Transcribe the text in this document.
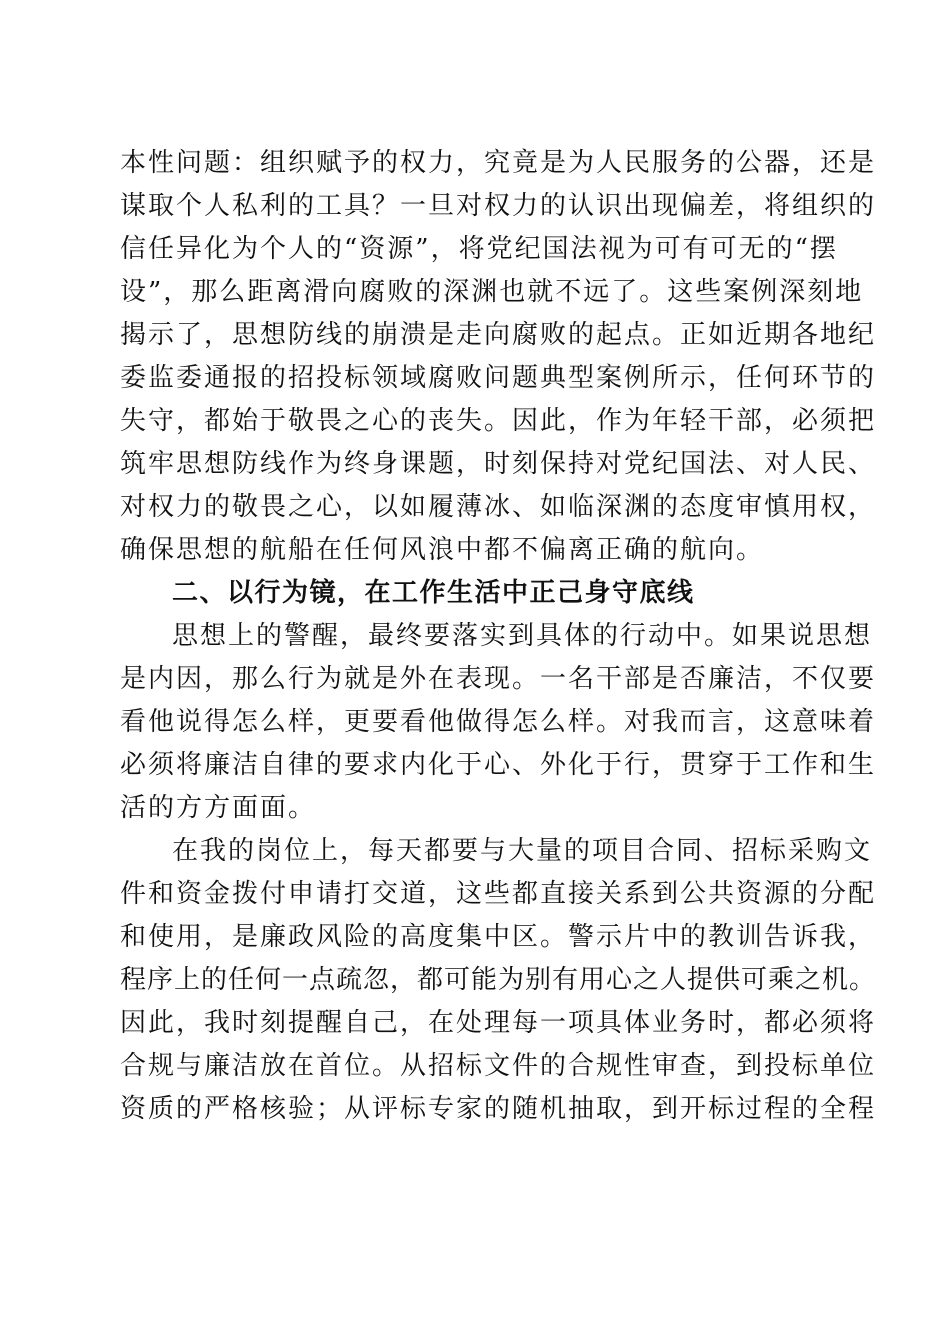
本性问题：组织赋予的权力，究竟是为人民服务的公器，还是
谋取个人私利的工具？一旦对权力的认识出现偏差，将组织的
信任异化为个人的“资源”，将党纪国法视为可有可无的“摆
设”，那么距离滑向腐败的深渊也就不远了。这些案例深刻地
揭示了，思想防线的崩溃是走向腐败的起点。正如近期各地纪
委监委通报的招投标领域腐败问题典型案例所示，任何环节的
失守，都始于敬畏之心的丧失。因此，作为年轻干部，必须把
筑牢思想防线作为终身课题，时刻保持对党纪国法、对人民、
对权力的敬畏之心，以如履薄冰、如临深渊的态度审慎用权，
确保思想的航船在任何风浪中都不偏离正确的航向。
二、以行为镜，在工作生活中正己身守底线
思想上的警醒，最终要落实到具体的行动中。如果说思想
是内因，那么行为就是外在表现。一名干部是否廉洁，不仅要
看他说得怎么样，更要看他做得怎么样。对我而言，这意味着
必须将廉洁自律的要求内化于心、外化于行，贯穿于工作和生
活的方方面面。
在我的岗位上，每天都要与大量的项目合同、招标采购文
件和资金拨付申请打交道，这些都直接关系到公共资源的分配
和使用，是廉政风险的高度集中区。警示片中的教训告诉我，
程序上的任何一点疏忽，都可能为别有用心之人提供可乘之机。
因此，我时刻提醒自己，在处理每一项具体业务时，都必须将
合规与廉洁放在首位。从招标文件的合规性审查，到投标单位
资质的严格核验；从评标专家的随机抽取，到开标过程的全程
